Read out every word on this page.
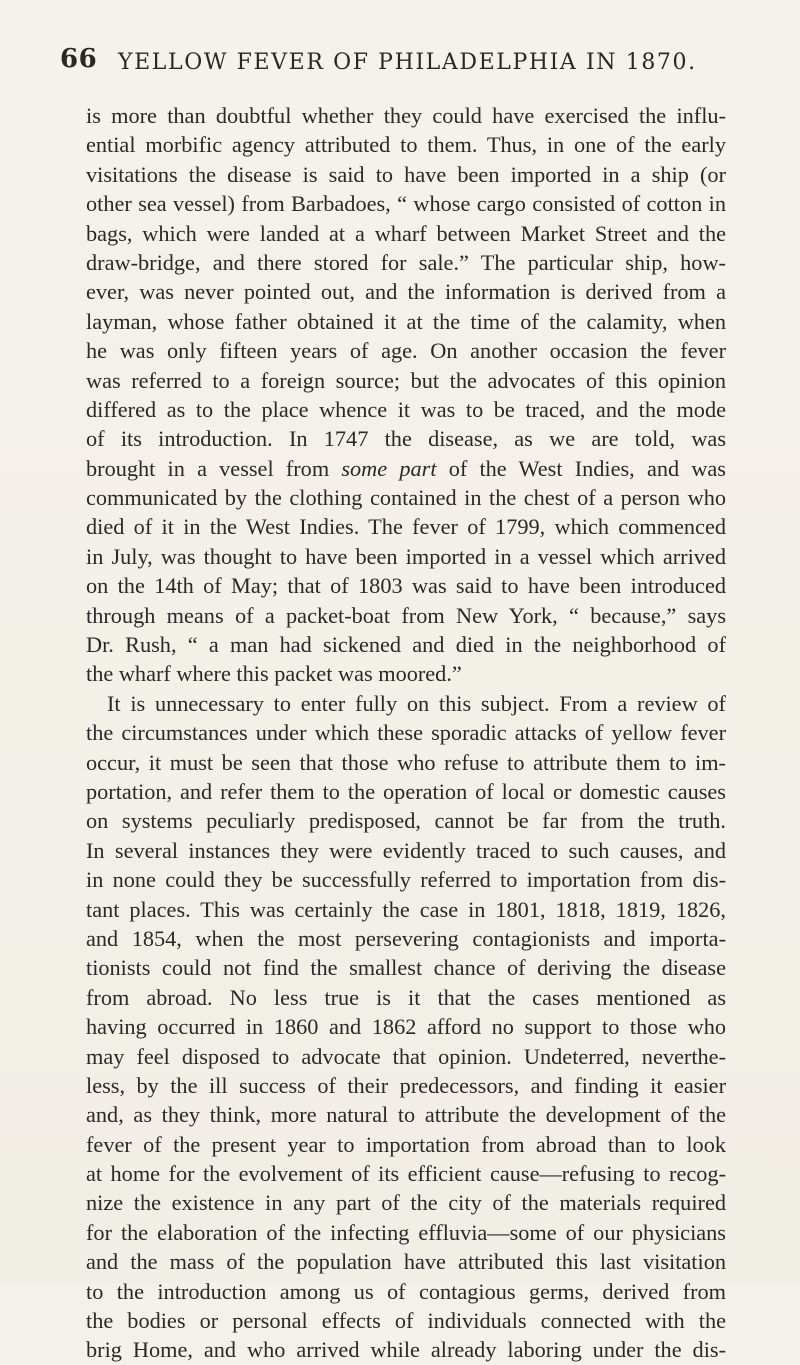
66 YELLOW FEVER OF PHILADELPHIA IN 1870.
is more than doubtful whether they could have exercised the influ-
ential morbific agency attributed to them. Thus, in one of the early
visitations the disease is said to have been imported in a ship (or
other sea vessel) from Barbadoes, “ whose cargo consisted of cotton in
bags, which were landed at a wharf between Market Street and the
draw-bridge, and there stored for sale.” The particular ship, how-
ever, was never pointed out, and the information is derived from a
layman, whose father obtained it at the time of the calamity, when
he was only fifteen years of age. On another occasion the fever
was referred to a foreign source; but the advocates of this opinion
differed as to the place whence it was to be traced, and the mode
of its introduction. In 1747 the disease, as we are told, was
brought in a vessel from some part of the West Indies, and was
communicated by the clothing contained in the chest of a person who
died of it in the West Indies. The fever of 1799, which commenced
in July, was thought to have been imported in a vessel which arrived
on the 14th of May; that of 1803 was said to have been introduced
through means of a packet-boat from New York, “ because,” says
Dr. Rush, “ a man had sickened and died in the neighborhood of
the wharf where this packet was moored.”
It is unnecessary to enter fully on this subject. From a review of
the circumstances under which these sporadic attacks of yellow fever
occur, it must be seen that those who refuse to attribute them to im-
portation, and refer them to the operation of local or domestic causes
on systems peculiarly predisposed, cannot be far from the truth.
In several instances they were evidently traced to such causes, and
in none could they be successfully referred to importation from dis-
tant places. This was certainly the case in 1801, 1818, 1819, 1826,
and 1854, when the most persevering contagionists and importa-
tionists could not find the smallest chance of deriving the disease
from abroad. No less true is it that the cases mentioned as
having occurred in 1860 and 1862 afford no support to those who
may feel disposed to advocate that opinion. Undeterred, neverthe-
less, by the ill success of their predecessors, and finding it easier
and, as they think, more natural to attribute the development of the
fever of the present year to importation from abroad than to look
at home for the evolvement of its efficient cause—refusing to recog-
nize the existence in any part of the city of the materials required
for the elaboration of the infecting effluvia—some of our physicians
and the mass of the population have attributed this last visitation
to the introduction among us of contagious germs, derived from
the bodies or personal effects of individuals connected with the
brig Home, and who arrived while already laboring under the dis-
